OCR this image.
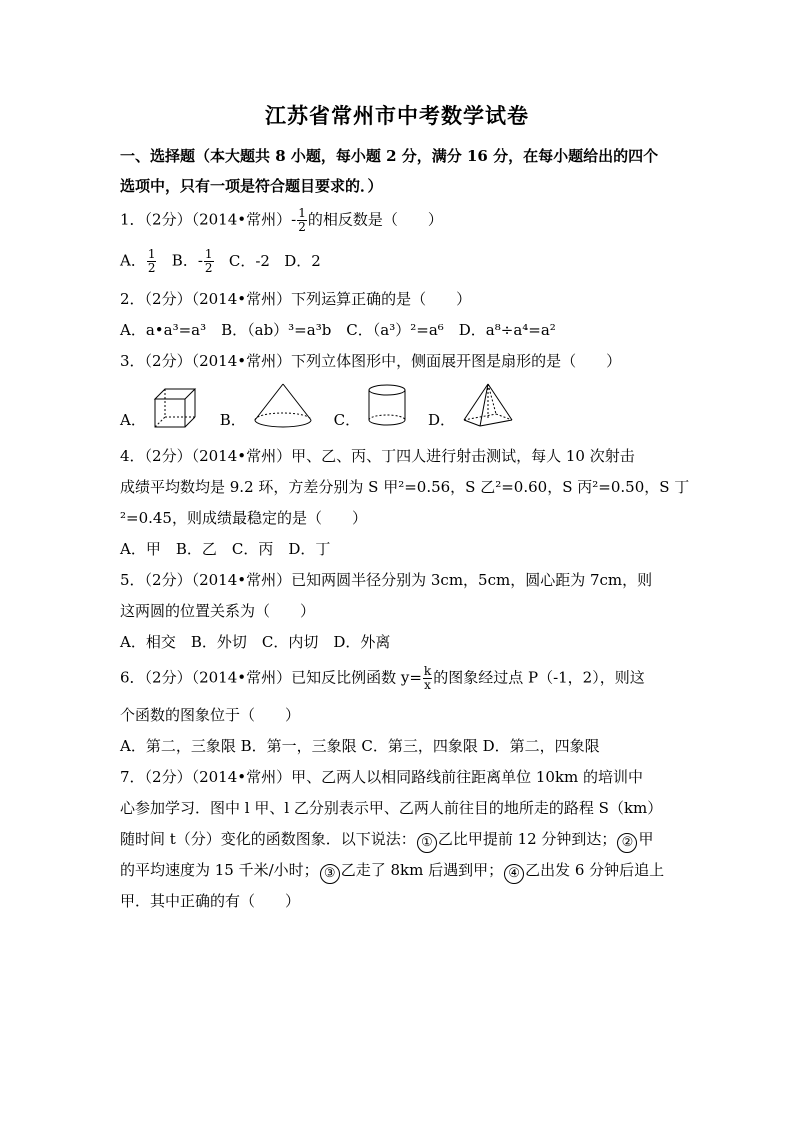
江苏省常州市中考数学试卷
一、选择题（本大题共 8 小题，每小题 2 分，满分 16 分，在每小题给出的四个
选项中，只有一项是符合题目要求的．）
1．（2分）（2014•常州）- $\frac{1}{2}$ 的相反数是（　　）
A． $\frac{1}{2}$ B．- $\frac{1}{2}$ C．-2 D．2
2．（2分）（2014•常州）下列运算正确的是（　　）
A．a•a³=a³　B．（ab）³=a³b　C．（a³）²=a⁶　D．a⁸÷a⁴=a²
3．（2分）（2014•常州）下列立体图形中，侧面展开图是扇形的是（　　）
A．	B．	C．	D．
4．（2分）（2014•常州）甲、乙、丙、丁四人进行射击测试，每人 10 次射击
成绩平均数均是 9.2 环，方差分别为 S 甲²=0.56，S 乙²=0.60，S 丙²=0.50，S 丁
²=0.45，则成绩最稳定的是（　　）
A．甲　B．乙　C．丙　D．丁
5．（2分）（2014•常州）已知两圆半径分别为 3cm，5cm，圆心距为 7cm，则
这两圆的位置关系为（　　）
A．相交　B．外切　C．内切　D．外离
6．（2分）（2014•常州）已知反比例函数 $y= \frac{k}{x}$ 的图象经过点 P（-1，2），则这
个函数的图象位于（　　）
A．第二，三象限 B．第一，三象限 C．第三，四象限 D．第二，四象限
7．（2分）（2014•常州）甲、乙两人以相同路线前往距离单位 10km 的培训中
心参加学习．图中 l 甲、l 乙分别表示甲、乙两人前往目的地所走的路程 S（km）
随时间 t（分）变化的函数图象．以下说法： ① 乙比甲提前 12 分钟到达； ② 甲
的平均速度为 15 千米/小时； ③ 乙走了 8km 后遇到甲； ④ 乙出发 6 分钟后追上
甲．其中正确的有（　　）
